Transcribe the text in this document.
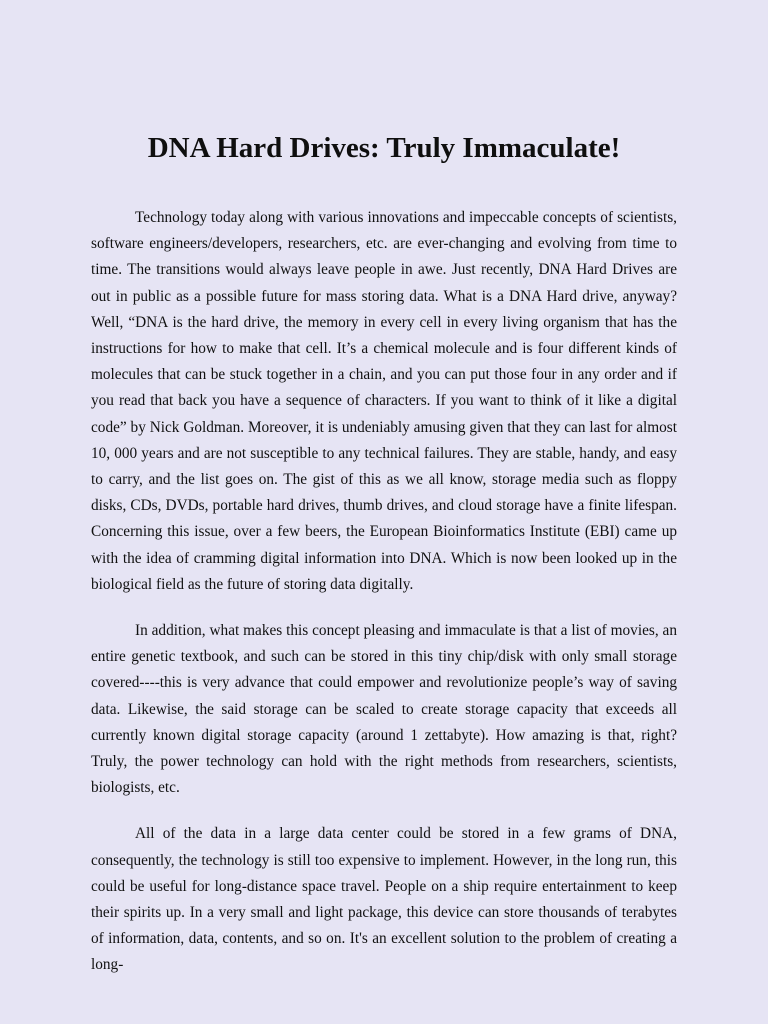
DNA Hard Drives: Truly Immaculate!

Technology today along with various innovations and impeccable concepts of scientists, software engineers/developers, researchers, etc. are ever-changing and evolving from time to time. The transitions would always leave people in awe. Just recently, DNA Hard Drives are out in public as a possible future for mass storing data. What is a DNA Hard drive, anyway? Well, “DNA is the hard drive, the memory in every cell in every living organism that has the instructions for how to make that cell. It’s a chemical molecule and is four different kinds of molecules that can be stuck together in a chain, and you can put those four in any order and if you read that back you have a sequence of characters. If you want to think of it like a digital code” by Nick Goldman. Moreover, it is undeniably amusing given that they can last for almost 10, 000 years and are not susceptible to any technical failures. They are stable, handy, and easy to carry, and the list goes on. The gist of this as we all know, storage media such as floppy disks, CDs, DVDs, portable hard drives, thumb drives, and cloud storage have a finite lifespan. Concerning this issue, over a few beers, the European Bioinformatics Institute (EBI) came up with the idea of cramming digital information into DNA. Which is now been looked up in the biological field as the future of storing data digitally.

In addition, what makes this concept pleasing and immaculate is that a list of movies, an entire genetic textbook, and such can be stored in this tiny chip/disk with only small storage covered----this is very advance that could empower and revolutionize people’s way of saving data. Likewise, the said storage can be scaled to create storage capacity that exceeds all currently known digital storage capacity (around 1 zettabyte). How amazing is that, right? Truly, the power technology can hold with the right methods from researchers, scientists, biologists, etc.

All of the data in a large data center could be stored in a few grams of DNA, consequently, the technology is still too expensive to implement. However, in the long run, this could be useful for long-distance space travel. People on a ship require entertainment to keep their spirits up. In a very small and light package, this device can store thousands of terabytes of information, data, contents, and so on. It's an excellent solution to the problem of creating a long-
